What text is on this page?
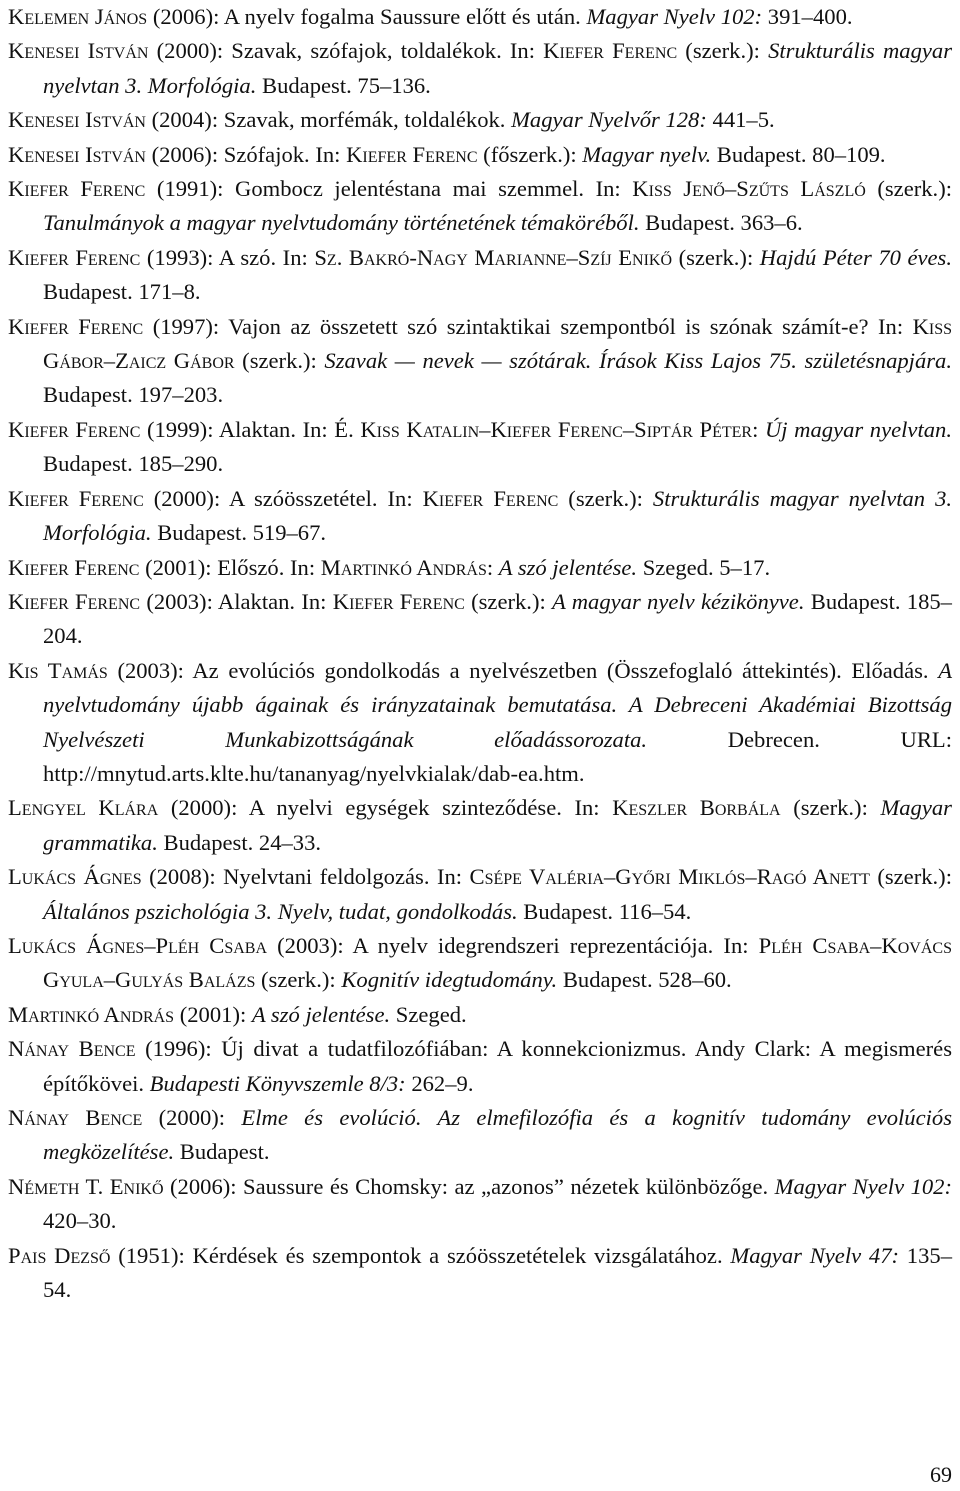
Kelemen János (2006): A nyelv fogalma Saussure előtt és után. Magyar Nyelv 102: 391–400.

Kenesei István (2000): Szavak, szófajok, toldalékok. In: Kiefer Ferenc (szerk.): Strukturális magyar nyelvtan 3. Morfológia. Budapest. 75–136.

Kenesei István (2004): Szavak, morfémák, toldalékok. Magyar Nyelvőr 128: 441–5.

Kenesei István (2006): Szófajok. In: Kiefer Ferenc (főszerk.): Magyar nyelv. Budapest. 80–109.

Kiefer Ferenc (1991): Gombocz jelentéstana mai szemmel. In: Kiss Jenő–Szűts László (szerk.): Tanulmányok a magyar nyelvtudomány történetének témaköréből. Budapest. 363–6.

Kiefer Ferenc (1993): A szó. In: Sz. Bakró-Nagy Marianne–Szíj Enikő (szerk.): Hajdú Péter 70 éves. Budapest. 171–8.

Kiefer Ferenc (1997): Vajon az összetett szó szintaktikai szempontból is szónak számít-e? In: Kiss Gábor–Zaicz Gábor (szerk.): Szavak — nevek — szótárak. Írások Kiss Lajos 75. születésnapjára. Budapest. 197–203.

Kiefer Ferenc (1999): Alaktan. In: É. Kiss Katalin–Kiefer Ferenc–Siptár Péter: Új magyar nyelvtan. Budapest. 185–290.

Kiefer Ferenc (2000): A szóösszetétel. In: Kiefer Ferenc (szerk.): Strukturális magyar nyelvtan 3. Morfológia. Budapest. 519–67.

Kiefer Ferenc (2001): Előszó. In: Martinkó András: A szó jelentése. Szeged. 5–17.

Kiefer Ferenc (2003): Alaktan. In: Kiefer Ferenc (szerk.): A magyar nyelv kézikönyve. Budapest. 185–204.

Kis Tamás (2003): Az evolúciós gondolkodás a nyelvészetben (Összefoglaló áttekintés). Előadás. A nyelvtudomány újabb ágainak és irányzatainak bemutatása. A Debreceni Akadémiai Bizottság Nyelvészeti Munkabizottságának előadássorozata. Debrecen. URL: http://mnytud.arts.klte.hu/tananyag/nyelvkialak/dab-ea.htm.

Lengyel Klára (2000): A nyelvi egységek szinteződése. In: Keszler Borbála (szerk.): Magyar grammatika. Budapest. 24–33.

Lukács Ágnes (2008): Nyelvtani feldolgozás. In: Csépe Valéria–Győri Miklós–Ragó Anett (szerk.): Általános pszichológia 3. Nyelv, tudat, gondolkodás. Budapest. 116–54.

Lukács Ágnes–Pléh Csaba (2003): A nyelv idegrendszeri reprezentációja. In: Pléh Csaba–Kovács Gyula–Gulyás Balázs (szerk.): Kognitív idegtudomány. Budapest. 528–60.

Martinkó András (2001): A szó jelentése. Szeged.

Nánay Bence (1996): Új divat a tudatfilozófiában: A konnekcionizmus. Andy Clark: A megismerés építőkövei. Budapesti Könyvszemle 8/3: 262–9.

Nánay Bence (2000): Elme és evolúció. Az elmefilozófia és a kognitív tudomány evolúciós megközelítése. Budapest.

Németh T. Enikő (2006): Saussure és Chomsky: az „azonos” nézetek különbözőge. Magyar Nyelv 102: 420–30.

Pais Dezső (1951): Kérdések és szempontok a szóösszetételek vizsgálatához. Magyar Nyelv 47: 135–54.

69
